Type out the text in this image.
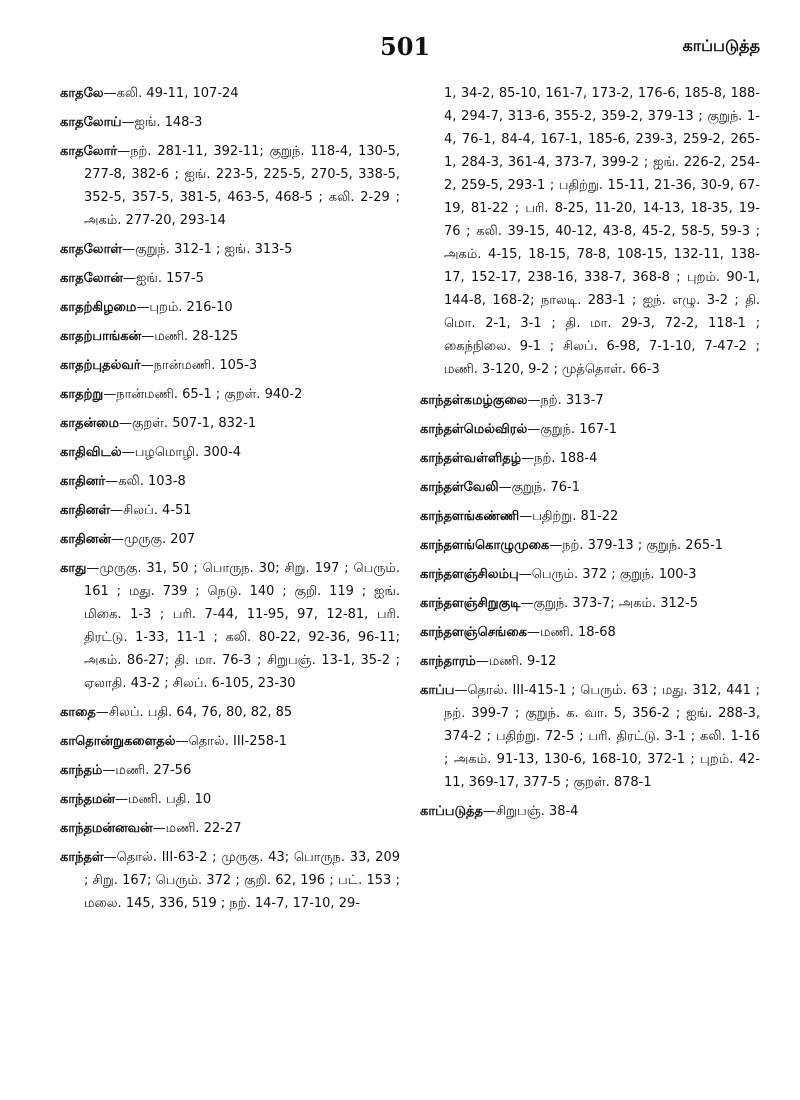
501	காப்படுத்த
காதலே—கலி. 49-11, 107-24
காதலோய்—ஐங். 148-3
காதலோர்—நற். 281-11, 392-11; குறுந். 118-4, 130-5, 277-8, 382-6 ; ஐங். 223-5, 225-5, 270-5, 338-5, 352-5, 357-5, 381-5, 463-5, 468-5 ; கலி. 2-29 ; அகம். 277-20, 293-14
காதலோள்—குறுந். 312-1 ; ஐங். 313-5
காதலோன்—ஐங். 157-5
காதற்கிழமை—புறம். 216-10
காதற்பாங்கன்—மணி. 28-125
காதற்புதல்வர்—நான்மணி. 105-3
காதற்று—நான்மணி. 65-1 ; குறள். 940-2
காதன்மை—குறள். 507-1, 832-1
காதிவிடல்—பழமொழி. 300-4
காதினர்—கலி. 103-8
காதினள்—சிலப். 4-51
காதினன்—முருகு. 207
காது—முருகு. 31, 50 ; பொருந. 30; சிறு. 197 ; பெரும். 161 ; மது. 739 ; நெடு. 140 ; குறி. 119 ; ஐங். மிகை. 1-3 ; பரி. 7-44, 11-95, 97, 12-81, பரி. திரட்டு. 1-33, 11-1 ; கலி. 80-22, 92-36, 96-11; அகம். 86-27; தி. மா. 76-3 ; சிறுபஞ். 13-1, 35-2 ; ஏலாதி. 43-2 ; சிலப். 6-105, 23-30
காதை—சிலப். பதி. 64, 76, 80, 82, 85
காதொன்றுகளைதல்—தொல். III-258-1
காந்தம்—மணி. 27-56
காந்தமன்—மணி. பதி. 10
காந்தமன்னவன்—மணி. 22-27
காந்தள்—தொல். III-63-2 ; முருகு. 43; பொருந. 33, 209 ; சிறு. 167; பெரும். 372 ; குறி. 62, 196 ; பட். 153 ; மலை. 145, 336, 519 ; நற். 14-7, 17-10, 29-
1, 34-2, 85-10, 161-7, 173-2, 176-6, 185-8, 188-4, 294-7, 313-6, 355-2, 359-2, 379-13 ; குறுந். 1-4, 76-1, 84-4, 167-1, 185-6, 239-3, 259-2, 265-1, 284-3, 361-4, 373-7, 399-2 ; ஐங். 226-2, 254-2, 259-5, 293-1 ; பதிற்று. 15-11, 21-36, 30-9, 67-19, 81-22 ; பரி. 8-25, 11-20, 14-13, 18-35, 19-76 ; கலி. 39-15, 40-12, 43-8, 45-2, 58-5, 59-3 ; அகம். 4-15, 18-15, 78-8, 108-15, 132-11, 138-17, 152-17, 238-16, 338-7, 368-8 ; புறம். 90-1, 144-8, 168-2; நாலடி. 283-1 ; ஐந். எழு. 3-2 ; தி. மொ. 2-1, 3-1 ; தி. மா. 29-3, 72-2, 118-1 ; கைந்நிலை. 9-1 ; சிலப். 6-98, 7-1-10, 7-47-2 ; மணி. 3-120, 9-2 ; முத்தொள். 66-3
காந்தள்கமழ்குலை—நற். 313-7
காந்தள்மெல்விரல்—குறுந். 167-1
காந்தள்வள்ளிதழ்—நற். 188-4
காந்தள்வேலி—குறுந். 76-1
காந்தளங்கண்ணி—பதிற்று. 81-22
காந்தளங்கொழுமுகை—நற். 379-13 ; குறுந். 265-1
காந்தளஞ்சிலம்பு—பெரும். 372 ; குறுந். 100-3
காந்தளஞ்சிறுகுடி—குறுந். 373-7; அகம். 312-5
காந்தளஞ்செங்கை—மணி. 18-68
காந்தாரம்—மணி. 9-12
காப்ப—தொல். III-415-1 ; பெரும். 63 ; மது. 312, 441 ; நற். 399-7 ; குறுந். க. வா. 5, 356-2 ; ஐங். 288-3, 374-2 ; பதிற்று. 72-5 ; பரி. திரட்டு. 3-1 ; கலி. 1-16 ; அகம். 91-13, 130-6, 168-10, 372-1 ; புறம். 42-11, 369-17, 377-5 ; குறள். 878-1
காப்படுத்த—சிறுபஞ். 38-4
